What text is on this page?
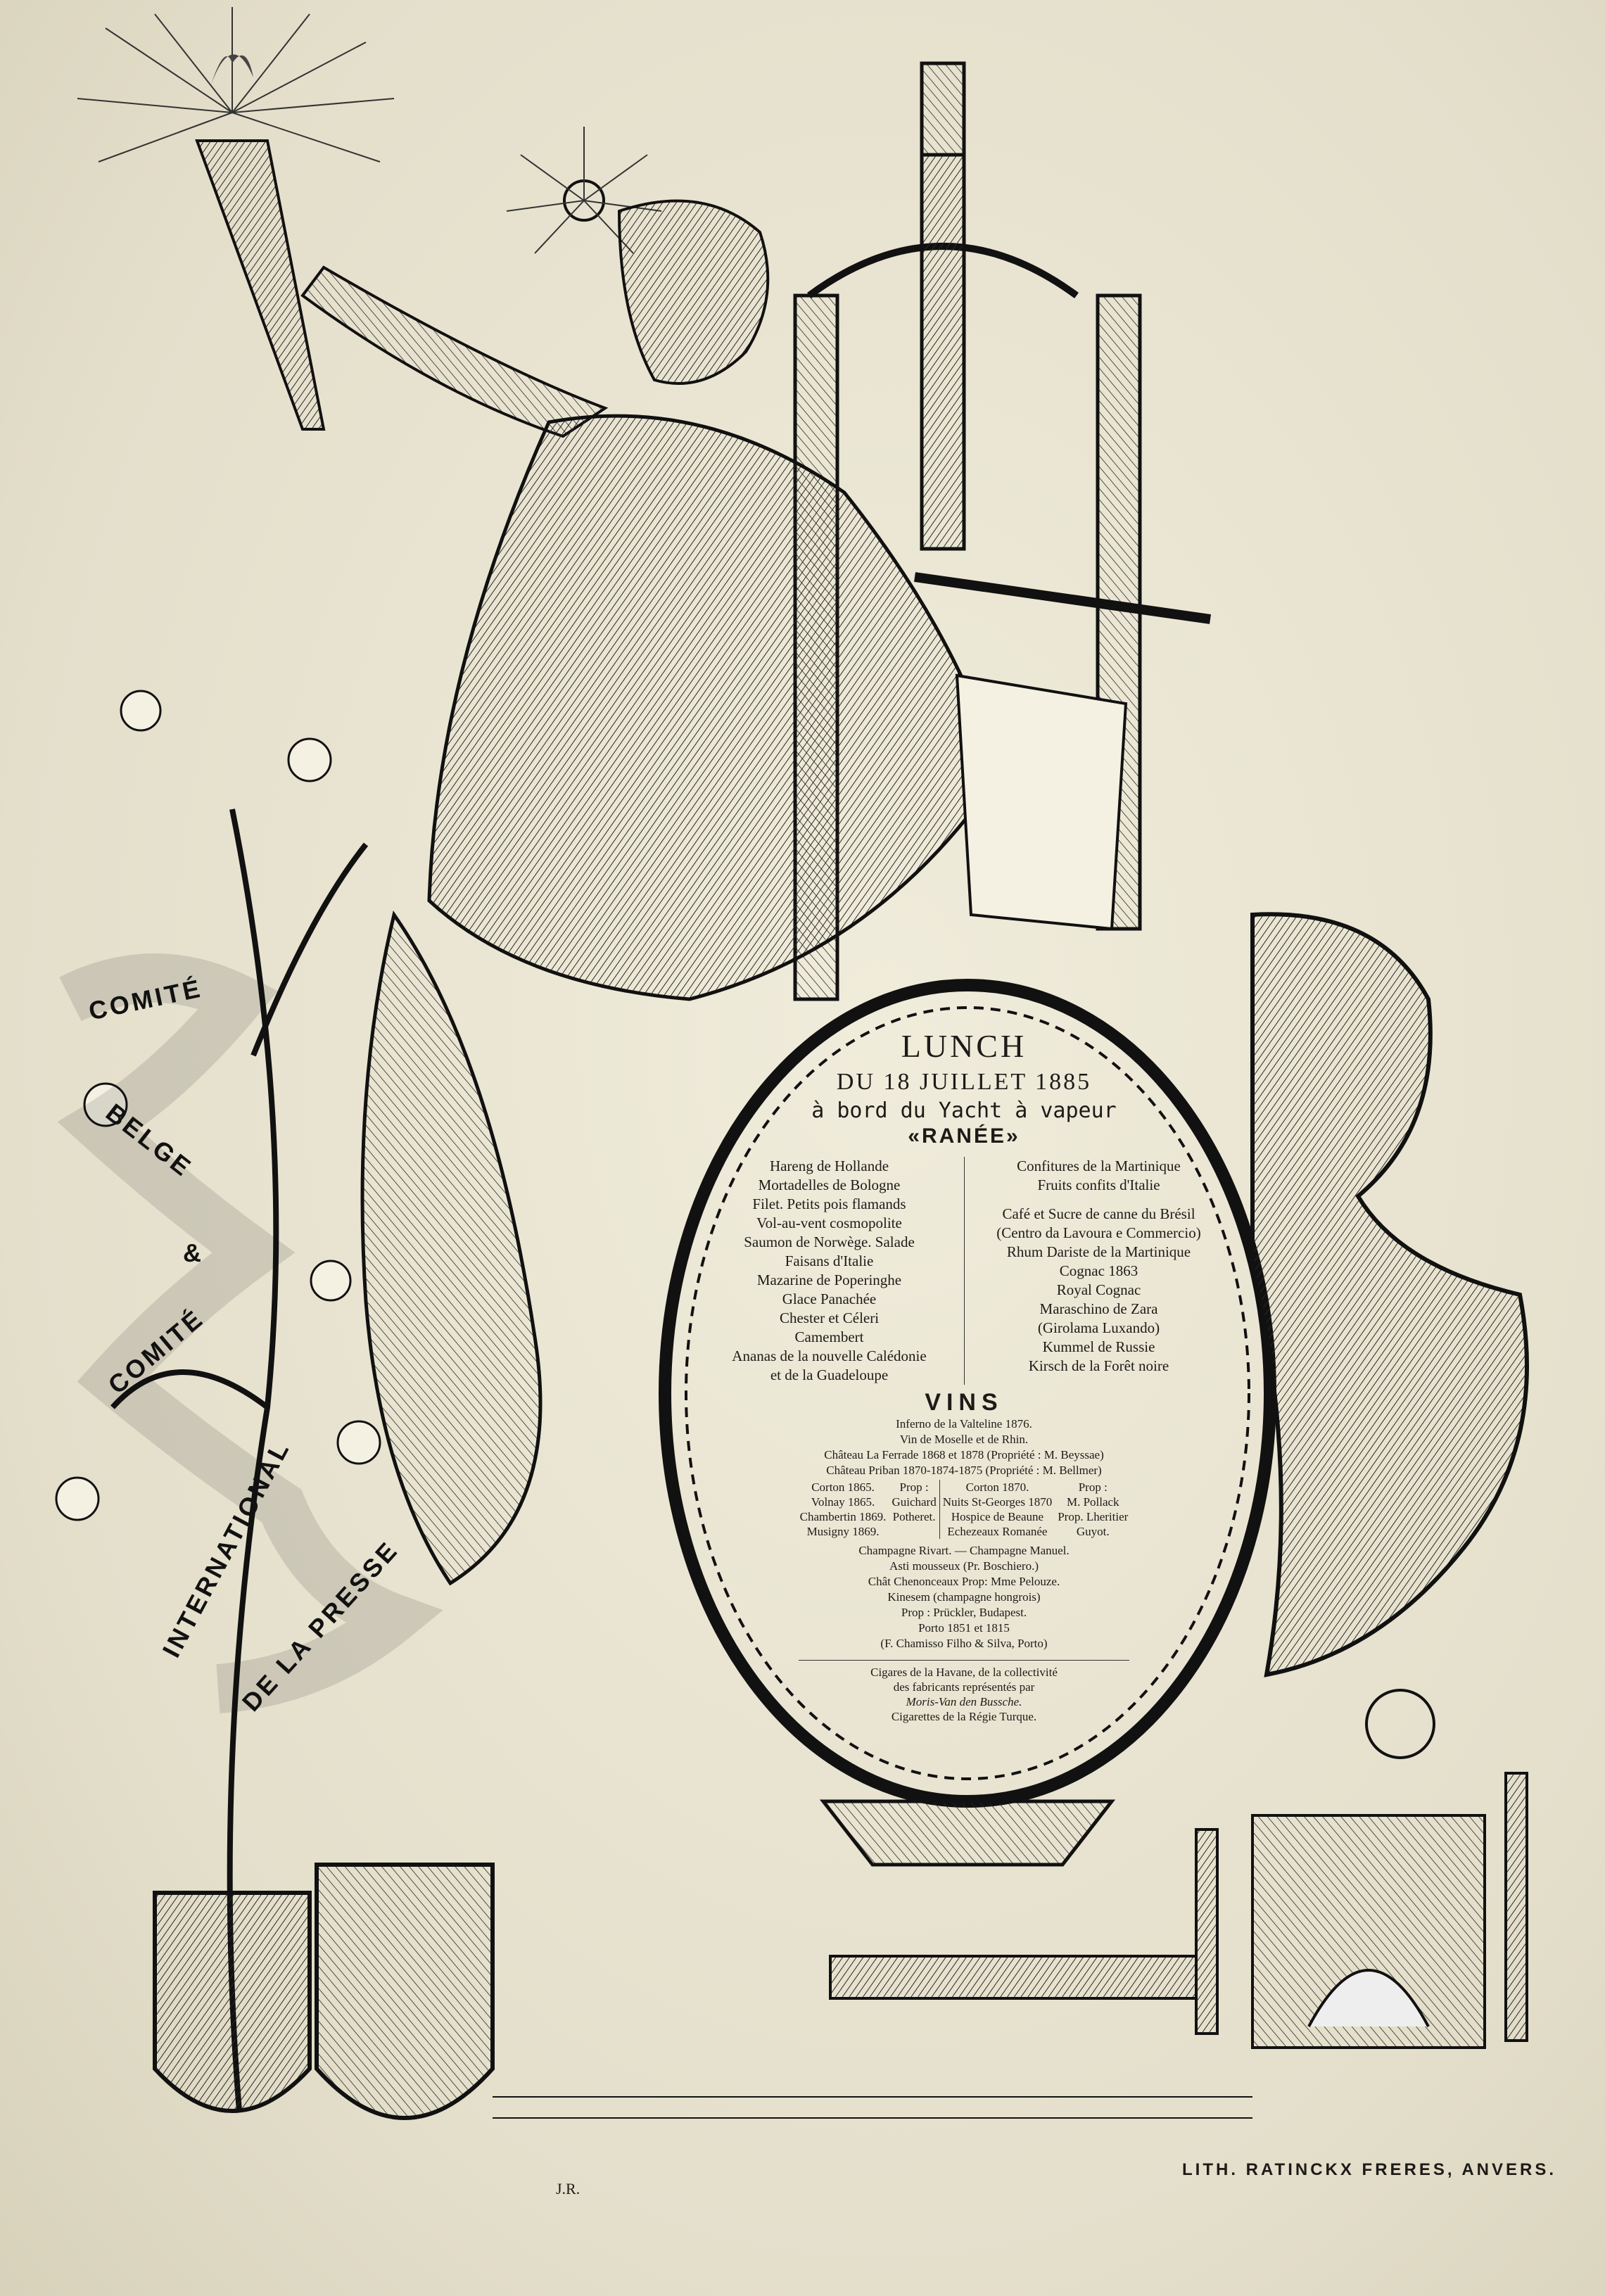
COMITÉ
BELGE
&
COMITÉ
INTERNATIONAL
DE LA PRESSE
LUNCH
DU 18 JUILLET 1885
à bord du Yacht à vapeur
«RANÉE»
Hareng de Hollande
Mortadelles de Bologne
Filet. Petits pois flamands
Vol-au-vent cosmopolite
Saumon de Norwège. Salade
Faisans d'Italie
Mazarine de Poperinghe
Glace Panachée
Chester et Céleri
Camembert
Ananas de la nouvelle Calédonie
et de la Guadeloupe
Confitures de la Martinique
Fruits confits d'Italie
Café et Sucre de canne du Brésil
(Centro da Lavoura e Commercio)
Rhum Dariste de la Martinique
Cognac 1863
Royal Cognac
Maraschino de Zara
(Girolama Luxando)
Kummel de Russie
Kirsch de la Forêt noire
VINS
Inferno de la Valteline 1876.
Vin de Moselle et de Rhin.
Château La Ferrade 1868 et 1878 (Propriété : M. Beyssae)
Château Priban 1870-1874-1875 (Propriété : M. Bellmer)
Corton 1865.
Volnay 1865.
Chambertin 1869.
Musigny 1869.
Prop :
Guichard
Potheret.
Corton 1870.
Nuits St-Georges 1870
Hospice de Beaune
Echezeaux Romanée
Prop :
M. Pollack
Prop. Lheritier
Guyot.
Champagne Rivart. — Champagne Manuel.
Asti mousseux (Pr. Boschiero.)
Chât Chenonceaux Prop: Mme Pelouze.
Kinesem (champagne hongrois)
Prop : Prückler, Budapest.
Porto 1851 et 1815
(F. Chamisso Filho & Silva, Porto)
Cigares de la Havane, de la collectivité
des fabricants représentés par
Moris-Van den Bussche.
Cigarettes de la Régie Turque.
J.R.
LITH. RATINCKX FRERES, ANVERS.
